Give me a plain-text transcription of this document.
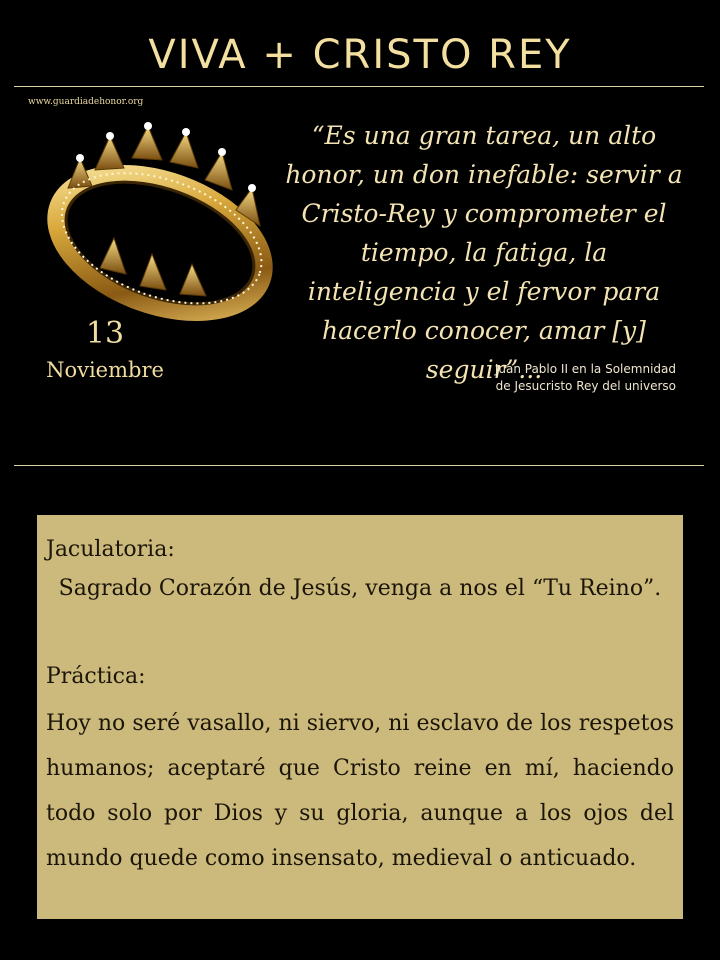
VIVA + CRISTO REY
www.guardiadehonor.org
13
Noviembre
“Es una gran tarea, un alto honor, un don inefable: servir a Cristo-Rey y comprometer el tiempo, la fatiga, la inteligencia y el fervor para hacerlo conocer, amar [y] seguir”...
Juan Pablo II en la Solemnidad
de Jesucristo Rey del universo
Jaculatoria:
Sagrado Corazón de Jesús, venga a nos el “Tu Reino”.
Práctica:
Hoy no seré vasallo, ni siervo, ni esclavo de los respetos humanos; aceptaré que Cristo reine en mí, haciendo todo solo por Dios y su gloria, aunque a los ojos del mundo quede como insensato, medieval o anticuado.
